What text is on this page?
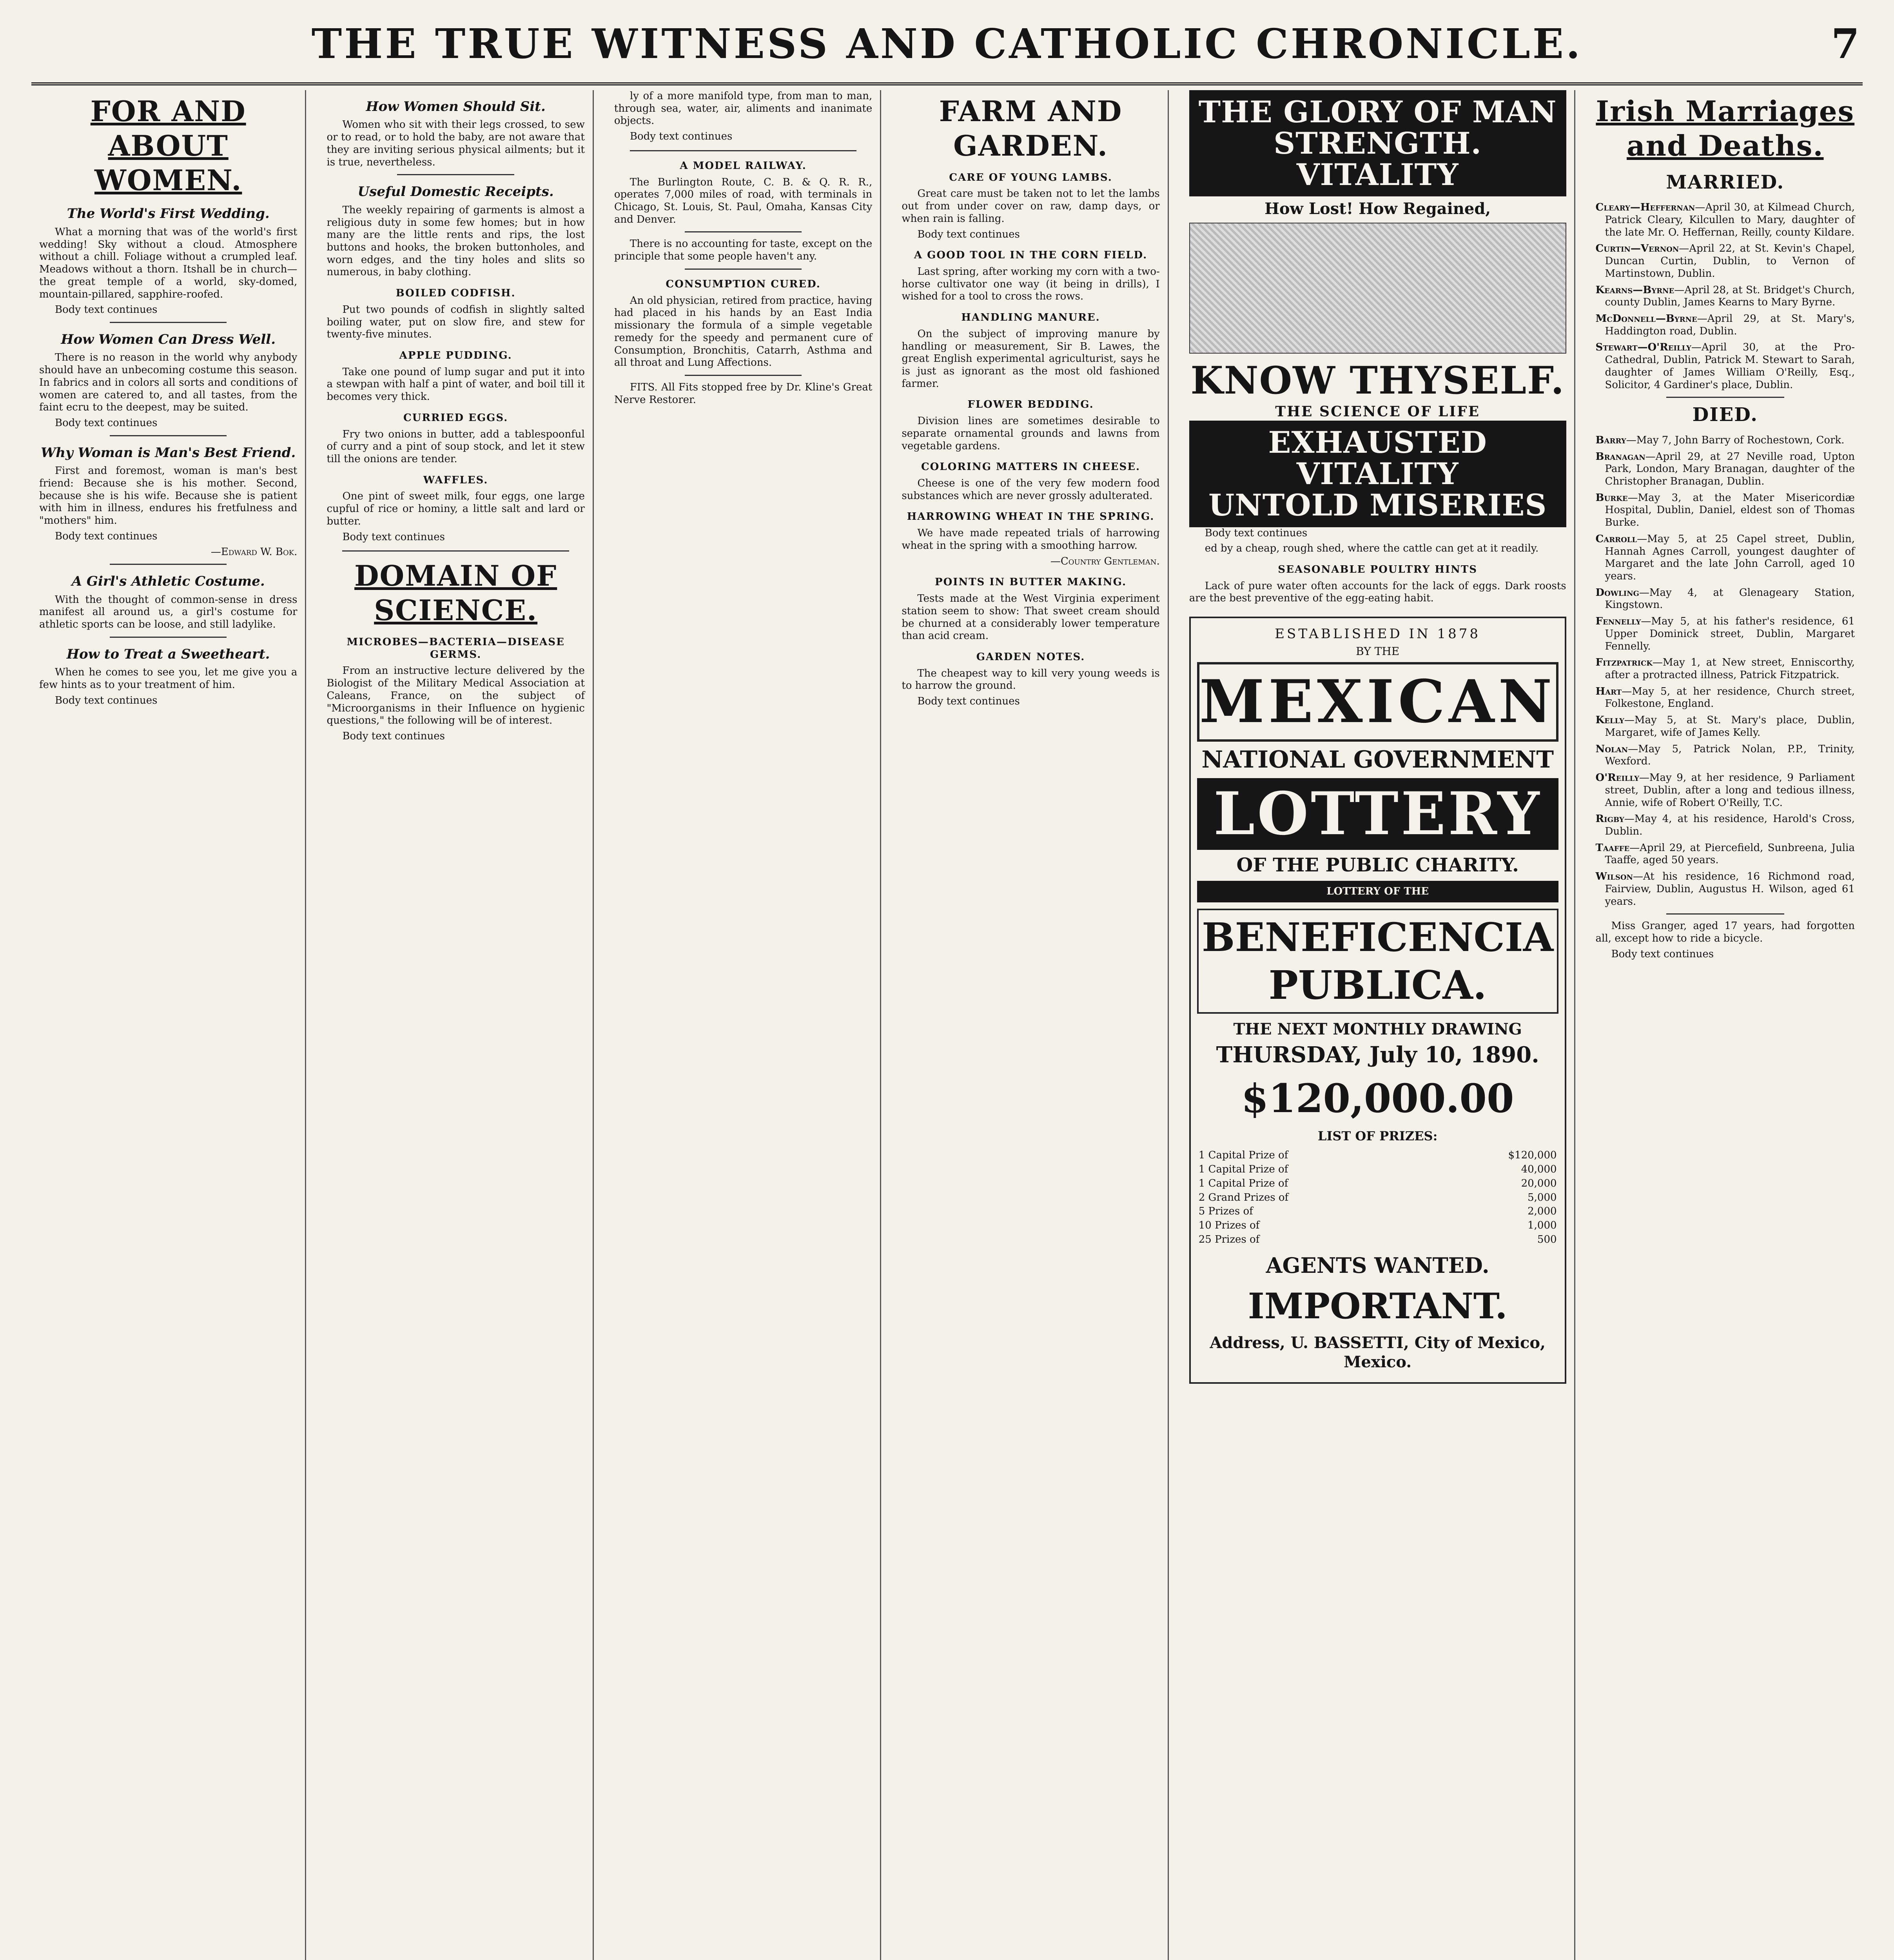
THE TRUE WITNESS AND CATHOLIC CHRONICLE.	7
FOR AND ABOUT WOMEN.
The World's First Wedding.

What a morning that was of the world's first wedding! Sky without a cloud. Atmosphere without a chill. Foliage without a crumpled leaf. Meadows without a thorn. Itshall be in church—the great temple of a world, sky-domed, mountain-pillared, sapphire-roofed.

Body text continues

How Women Can Dress Well.

There is no reason in the world why anybody should have an unbecoming costume this season. In fabrics and in colors all sorts and conditions of women are catered to, and all tastes, from the faint ecru to the deepest, may be suited.

Body text continues

Why Woman is Man's Best Friend.

First and foremost, woman is man's best friend: Because she is his mother. Second, because she is his wife. Because she is patient with him in illness, endures his fretfulness and "mothers" him.

Body text continues

—Edward W. Bok.
A Girl's Athletic Costume.

With the thought of common-sense in dress manifest all around us, a girl's costume for athletic sports can be loose, and still ladylike.

How to Treat a Sweetheart.

When he comes to see you, let me give you a few hints as to your treatment of him.

Body text continues

How Women Should Sit.

Women who sit with their legs crossed, to sew or to read, or to hold the baby, are not aware that they are inviting serious physical ailments; but it is true, nevertheless.

Useful Domestic Receipts.

The weekly repairing of garments is almost a religious duty in some few homes; but in how many are the little rents and rips, the lost buttons and hooks, the broken buttonholes, and worn edges, and the tiny holes and slits so numerous, in baby clothing.

BOILED CODFISH.

Put two pounds of codfish in slightly salted boiling water, put on slow fire, and stew for twenty-five minutes.

APPLE PUDDING.

Take one pound of lump sugar and put it into a stewpan with half a pint of water, and boil till it becomes very thick.

CURRIED EGGS.

Fry two onions in butter, add a tablespoonful of curry and a pint of soup stock, and let it stew till the onions are tender.

WAFFLES.

One pint of sweet milk, four eggs, one large cupful of rice or hominy, a little salt and lard or butter.

Body text continues

DOMAIN OF SCIENCE.
MICROBES—BACTERIA—DISEASE GERMS.

From an instructive lecture delivered by the Biologist of the Military Medical Association at Caleans, France, on the subject of "Microorganisms in their Influence on hygienic questions," the following will be of interest.

Body text continues

ly of a more manifold type, from man to man, through sea, water, air, aliments and inanimate objects.

Body text continues

A MODEL RAILWAY.

The Burlington Route, C. B. & Q. R. R., operates 7,000 miles of road, with terminals in Chicago, St. Louis, St. Paul, Omaha, Kansas City and Denver.

There is no accounting for taste, except on the principle that some people haven't any.

CONSUMPTION CURED.

An old physician, retired from practice, having had placed in his hands by an East India missionary the formula of a simple vegetable remedy for the speedy and permanent cure of Consumption, Bronchitis, Catarrh, Asthma and all throat and Lung Affections.

FITS. All Fits stopped free by Dr. Kline's Great Nerve Restorer.

FARM AND GARDEN.
CARE OF YOUNG LAMBS.

Great care must be taken not to let the lambs out from under cover on raw, damp days, or when rain is falling.

Body text continues

A GOOD TOOL IN THE CORN FIELD.

Last spring, after working my corn with a two-horse cultivator one way (it being in drills), I wished for a tool to cross the rows.

HANDLING MANURE.

On the subject of improving manure by handling or measurement, Sir B. Lawes, the great English experimental agriculturist, says he is just as ignorant as the most old fashioned farmer.

FLOWER BEDDING.

Division lines are sometimes desirable to separate ornamental grounds and lawns from vegetable gardens.

COLORING MATTERS IN CHEESE.

Cheese is one of the very few modern food substances which are never grossly adulterated.

HARROWING WHEAT IN THE SPRING.

We have made repeated trials of harrowing wheat in the spring with a smoothing harrow.

—Country Gentleman.
POINTS IN BUTTER MAKING.

Tests made at the West Virginia experiment station seem to show: That sweet cream should be churned at a considerably lower temperature than acid cream.

GARDEN NOTES.

The cheapest way to kill very young weeds is to harrow the ground.

Body text continues

THE GLORY OF MAN
STRENGTH. VITALITY
How Lost! How Regained,
KNOW THYSELF.
THE SCIENCE OF LIFE
EXHAUSTED VITALITY
UNTOLD MISERIES

Body text continues

ed by a cheap, rough shed, where the cattle can get at it readily.

SEASONABLE POULTRY HINTS

Lack of pure water often accounts for the lack of eggs. Dark roosts are the best preventive of the egg-eating habit.

ESTABLISHED IN 1878
BY THE
MEXICAN
NATIONAL GOVERNMENT
LOTTERY
OF THE PUBLIC CHARITY.
LOTTERY OF THE
BENEFICENCIA PUBLICA.
THE NEXT MONTHLY DRAWING
THURSDAY, July 10, 1890.
$120,000.00
LIST OF PRIZES:
1 Capital Prize of	$120,000
1 Capital Prize of	40,000
1 Capital Prize of	20,000
2 Grand Prizes of	5,000
5 Prizes of	2,000
10 Prizes of	1,000
25 Prizes of	500
AGENTS WANTED.
IMPORTANT.
Address, U. BASSETTI, City of Mexico, Mexico.
Irish Marriages and Deaths.
MARRIED.
Cleary—Heffernan—April 30, at Kilmead Church, Patrick Cleary, Kilcullen to Mary, daughter of the late Mr. O. Heffernan, Reilly, county Kildare.
Curtin—Vernon—April 22, at St. Kevin's Chapel, Duncan Curtin, Dublin, to Vernon of Martinstown, Dublin.
Kearns—Byrne—April 28, at St. Bridget's Church, county Dublin, James Kearns to Mary Byrne.
McDonnell—Byrne—April 29, at St. Mary's, Haddington road, Dublin.
Stewart—O'Reilly—April 30, at the Pro-Cathedral, Dublin, Patrick M. Stewart to Sarah, daughter of James William O'Reilly, Esq., Solicitor, 4 Gardiner's place, Dublin.
DIED.
Barry—May 7, John Barry of Rochestown, Cork.
Branagan—April 29, at 27 Neville road, Upton Park, London, Mary Branagan, daughter of the Christopher Branagan, Dublin.
Burke—May 3, at the Mater Misericordiæ Hospital, Dublin, Daniel, eldest son of Thomas Burke.
Carroll—May 5, at 25 Capel street, Dublin, Hannah Agnes Carroll, youngest daughter of Margaret and the late John Carroll, aged 10 years.
Dowling—May 4, at Glenageary Station, Kingstown.
Fennelly—May 5, at his father's residence, 61 Upper Dominick street, Dublin, Margaret Fennelly.
Fitzpatrick—May 1, at New street, Enniscorthy, after a protracted illness, Patrick Fitzpatrick.
Hart—May 5, at her residence, Church street, Folkestone, England.
Kelly—May 5, at St. Mary's place, Dublin, Margaret, wife of James Kelly.
Nolan—May 5, Patrick Nolan, P.P., Trinity, Wexford.
O'Reilly—May 9, at her residence, 9 Parliament street, Dublin, after a long and tedious illness, Annie, wife of Robert O'Reilly, T.C.
Rigby—May 4, at his residence, Harold's Cross, Dublin.
Taaffe—April 29, at Piercefield, Sunbreena, Julia Taaffe, aged 50 years.
Wilson—At his residence, 16 Richmond road, Fairview, Dublin, Augustus H. Wilson, aged 61 years.

Miss Granger, aged 17 years, had forgotten all, except how to ride a bicycle.

Body text continues
